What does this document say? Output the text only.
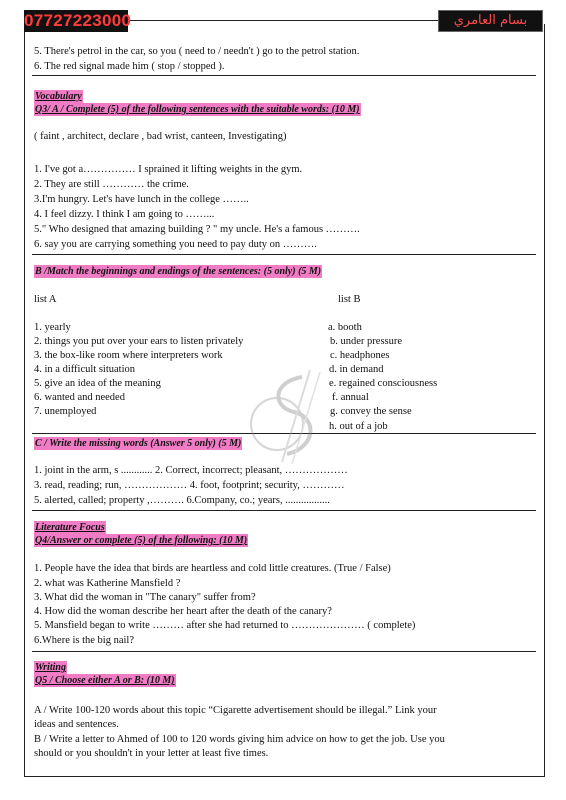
07727223000	بسام العامري
5. There's petrol in the car, so you ( need to / needn't ) go to the petrol station.
6. The red signal made him ( stop / stopped ).
Vocabulary
Q3/ A / Complete (5) of the following sentences with the suitable words: (10 M)
( faint , architect, declare , bad wrist, canteen, Investigating)
1. I've got a…………… I sprained it lifting weights in the gym.
2. They are still ………… the crime.
3.I'm hungry. Let's have lunch in the college ……..
4. I feel dizzy. I think I am going to ……...
5." Who designed that amazing building ? " my uncle. He's a famous ……….
6. say you are carrying something you need to pay duty on ……….
B /Match the beginnings and endings of the sentences: (5 only) (5 M)
list A	list B
1. yearly
2. things you put over your ears to listen privately
3. the box-like room where interpreters work
4. in a difficult situation
5. give an idea of the meaning
6. wanted and needed
7. unemployed
a. booth
b. under pressure
c. headphones
d. in demand
e. regained consciousness
f. annual
g. convey the sense
h. out of a job
C / Write the missing words (Answer 5 only) (5 M)
1. joint in the arm, s ............ 2. Correct, incorrect; pleasant, ………………
3. read, reading; run, ……………… 4. foot, footprint; security, …………
5. alerted, called; property ,………. 6.Company, co.; years, .................
Literature Focus
Q4/Answer or complete (5) of the following: (10 M)
1. People have the idea that birds are heartless and cold little creatures. (True / False)
2. what was Katherine Mansfield ?
3. What did the woman in "The canary" suffer from?
4. How did the woman describe her heart after the death of the canary?
5. Mansfield began to write ……… after she had returned to ………………… ( complete)
6.Where is the big nail?
Writing
Q5 / Choose either A or B: (10 M)
A / Write 100-120 words about this topic “Cigarette advertisement should be illegal.” Link your
ideas and sentences.
B / Write a letter to Ahmed of 100 to 120 words giving him advice on how to get the job. Use you
should or you shouldn't in your letter at least five times.
